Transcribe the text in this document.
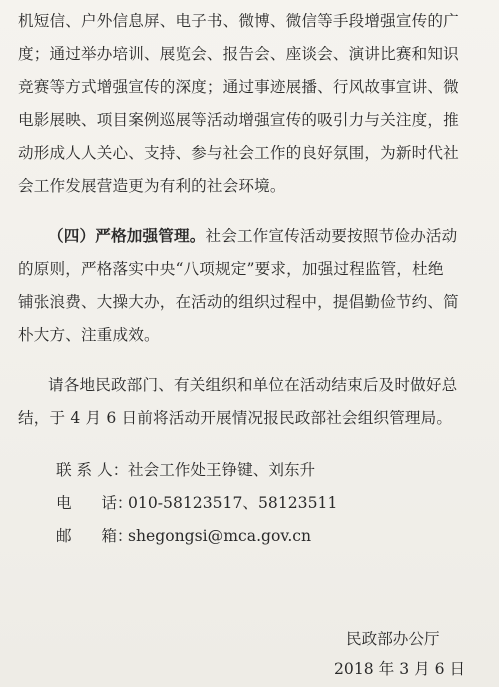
机短信、户外信息屏、电子书、微博、微信等手段增强宣传的广
度；通过举办培训、展览会、报告会、座谈会、演讲比赛和知识
竞赛等方式增强宣传的深度；通过事迹展播、行风故事宣讲、微
电影展映、项目案例巡展等活动增强宣传的吸引力与关注度，推
动形成人人关心、支持、参与社会工作的良好氛围，为新时代社
会工作发展营造更为有利的社会环境。
（四）严格加强管理。社会工作宣传活动要按照节俭办活动
的原则，严格落实中央“八项规定”要求，加强过程监管，杜绝
铺张浪费、大操大办，在活动的组织过程中，提倡勤俭节约、简
朴大方、注重成效。
请各地民政部门、有关组织和单位在活动结束后及时做好总
结，于 4 月 6 日前将活动开展情况报民政部社会组织管理局。
联 系 人：社会工作处王铮键、刘东升
电      话：010-58123517、58123511
邮      箱：shegongsi@mca.gov.cn
民政部办公厅
2018 年 3 月 6 日
